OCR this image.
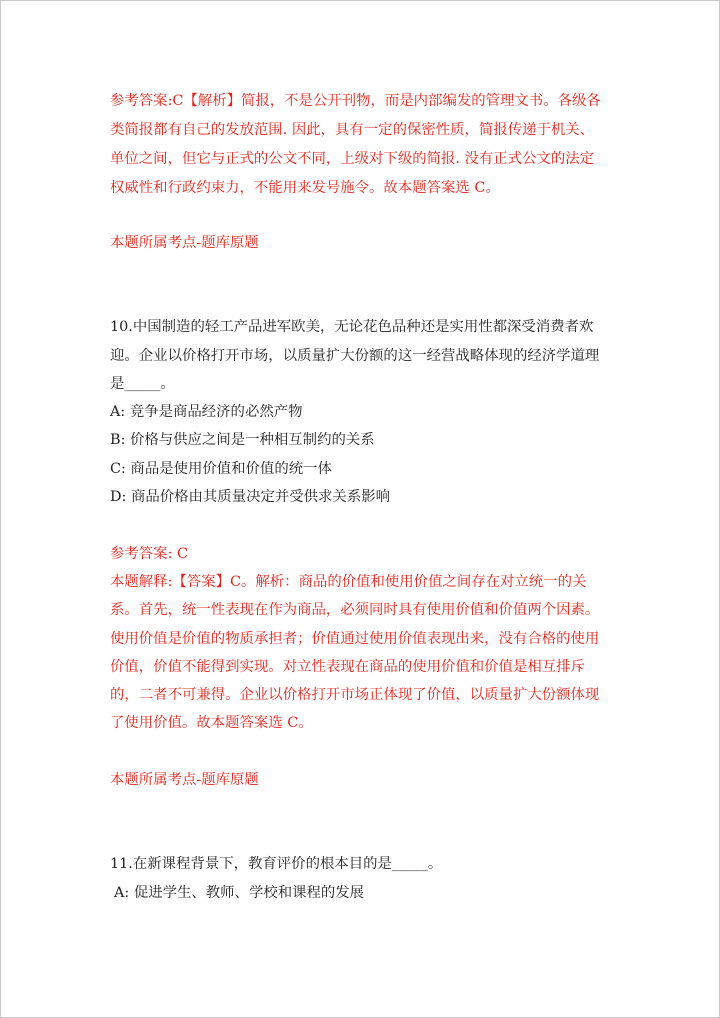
参考答案:C【解析】简报，不是公开刊物，而是内部编发的管理文书。各级各
类简报都有自己的发放范围. 因此，具有一定的保密性质，简报传递于机关、
单位之间，但它与正式的公文不同，上级对下级的简报. 没有正式公文的法定
权威性和行政约束力，不能用来发号施令。故本题答案选 C。
本题所属考点-题库原题
10.中国制造的轻工产品进军欧美，无论花色品种还是实用性都深受消费者欢
迎。企业以价格打开市场，以质量扩大份额的这一经营战略体现的经济学道理
是_____。
A: 竞争是商品经济的必然产物
B: 价格与供应之间是一种相互制约的关系
C: 商品是使用价值和价值的统一体
D: 商品价格由其质量决定并受供求关系影响
参考答案: C
本题解释:【答案】C。解析：商品的价值和使用价值之间存在对立统一的关
系。首先，统一性表现在作为商品，必须同时具有使用价值和价值两个因素。
使用价值是价值的物质承担者；价值通过使用价值表现出来，没有合格的使用
价值，价值不能得到实现。对立性表现在商品的使用价值和价值是相互排斥
的，二者不可兼得。企业以价格打开市场正体现了价值，以质量扩大份额体现
了使用价值。故本题答案选 C。
本题所属考点-题库原题
11.在新课程背景下，教育评价的根本目的是_____。
A: 促进学生、教师、学校和课程的发展
